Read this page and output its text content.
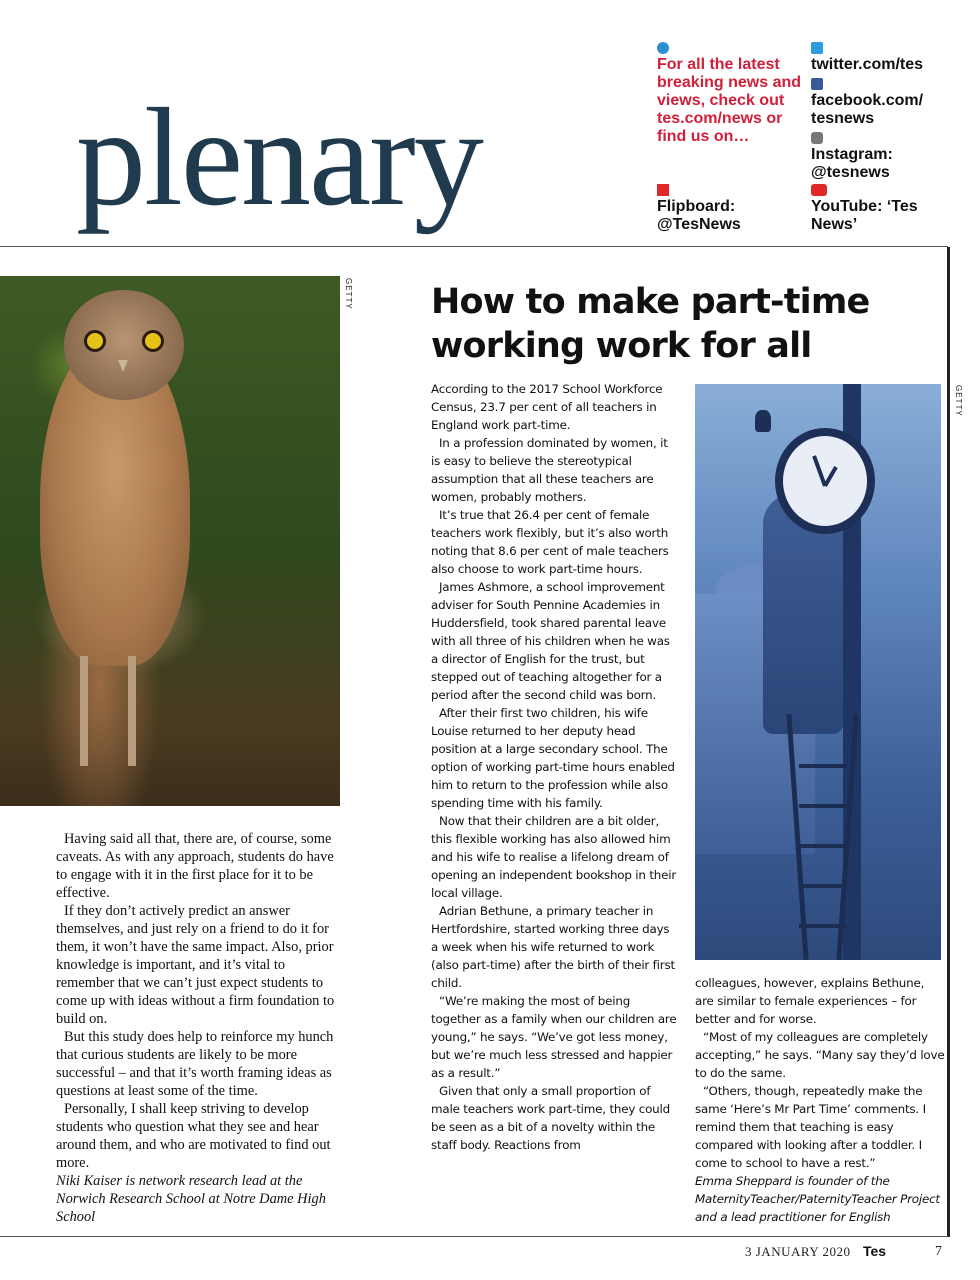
plenary
For all the latest breaking news and views, check out tes.com/news or find us on…
twitter.com/tes
facebook.com/ tesnews
Instagram: @tesnews
Flipboard: @TesNews
YouTube: ‘Tes News’
GETTY

Having said all that, there are, of course, some caveats. As with any approach, students do have to engage with it in the first place for it to be effective.

If they don’t actively predict an answer themselves, and just rely on a friend to do it for them, it won’t have the same impact. Also, prior knowledge is important, and it’s vital to remember that we can’t just expect students to come up with ideas without a firm foundation to build on.

But this study does help to reinforce my hunch that curious students are likely to be more successful – and that it’s worth framing ideas as questions at least some of the time.

Personally, I shall keep striving to develop students who question what they see and hear around them, and who are motivated to find out more.

Niki Kaiser is network research lead at the Norwich Research School at Notre Dame High School

How to make part-time working work for all

According to the 2017 School Workforce Census, 23.7 per cent of all teachers in England work part-time.

In a profession dominated by women, it is easy to believe the stereotypical assumption that all these teachers are women, probably mothers.

It’s true that 26.4 per cent of female teachers work flexibly, but it’s also worth noting that 8.6 per cent of male teachers also choose to work part-time hours.

James Ashmore, a school improvement adviser for South Pennine Academies in Huddersfield, took shared parental leave with all three of his children when he was a director of English for the trust, but stepped out of teaching altogether for a period after the second child was born.

After their first two children, his wife Louise returned to her deputy head position at a large secondary school. The option of working part-time hours enabled him to return to the profession while also spending time with his family.

Now that their children are a bit older, this flexible working has also allowed him and his wife to realise a lifelong dream of opening an independent bookshop in their local village.

Adrian Bethune, a primary teacher in Hertfordshire, started working three days a week when his wife returned to work (also part-time) after the birth of their first child.

“We’re making the most of being together as a family when our children are young,” he says. “We’ve got less money, but we’re much less stressed and happier as a result.”

Given that only a small proportion of male teachers work part-time, they could be seen as a bit of a novelty within the staff body. Reactions from

GETTY

colleagues, however, explains Bethune, are similar to female experiences – for better and for worse.

“Most of my colleagues are completely accepting,” he says. “Many say they’d love to do the same.

“Others, though, repeatedly make the same ‘Here’s Mr Part Time’ comments. I remind them that teaching is easy compared with looking after a toddler. I come to school to have a rest.”

Emma Sheppard is founder of the MaternityTeacher/PaternityTeacher Project and a lead practitioner for English

3 JANUARY 2020 Tes	7
